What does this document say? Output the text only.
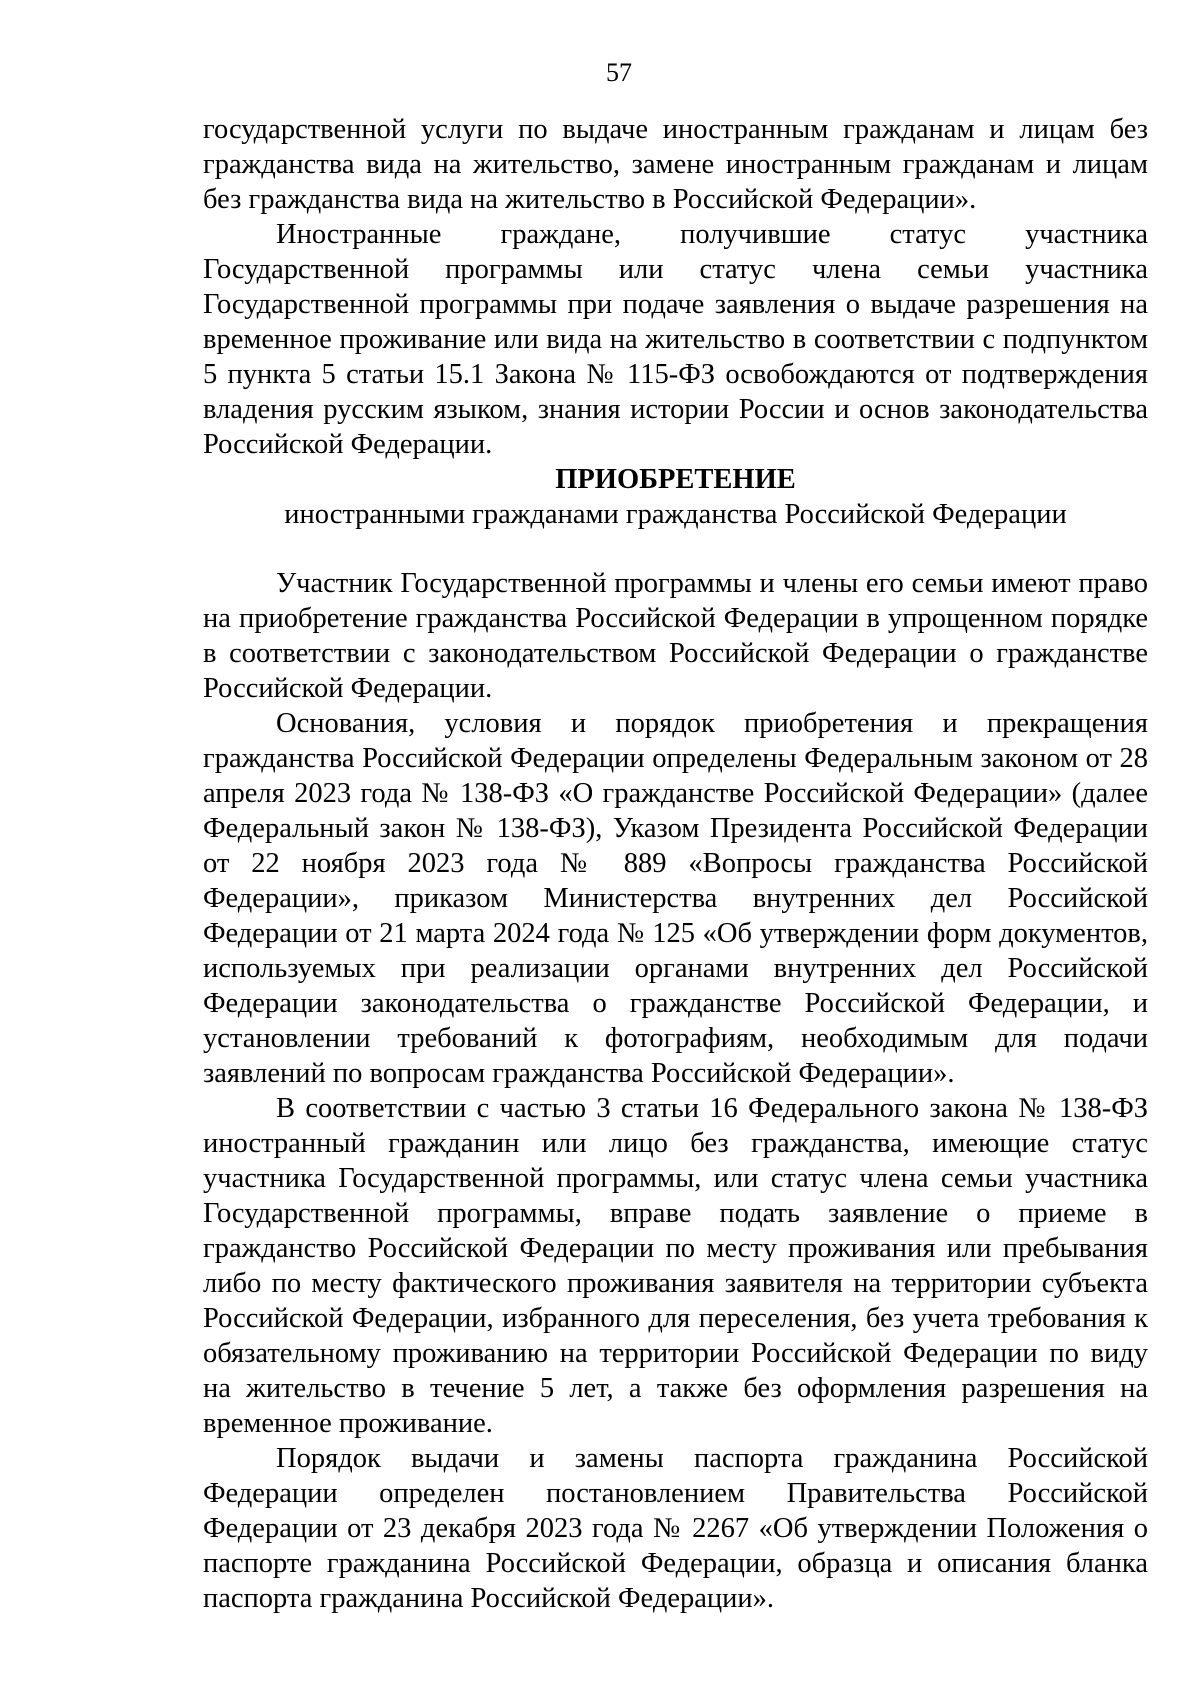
57

государственной услуги по выдаче иностранным гражданам и лицам без гражданства вида на жительство, замене иностранным гражданам и лицам без гражданства вида на жительство в Российской Федерации».

Иностранные граждане, получившие статус участника Государственной программы или статус члена семьи участника Государственной программы при подаче заявления о выдаче разрешения на временное проживание или вида на жительство в соответствии с подпунктом 5 пункта 5 статьи 15.1 Закона № 115-ФЗ освобождаются от подтверждения владения русским языком, знания истории России и основ законодательства Российской Федерации.

ПРИОБРЕТЕНИЕ

иностранными гражданами гражданства Российской Федерации

Участник Государственной программы и члены его семьи имеют право на приобретение гражданства Российской Федерации в упрощенном порядке в соответствии с законодательством Российской Федерации о гражданстве Российской Федерации.

Основания, условия и порядок приобретения и прекращения гражданства Российской Федерации определены Федеральным законом от 28 апреля 2023 года № 138-ФЗ «О гражданстве Российской Федерации» (далее Федеральный закон № 138-ФЗ), Указом Президента Российской Федерации от 22 ноября 2023 года № 889 «Вопросы гражданства Российской Федерации», приказом Министерства внутренних дел Российской Федерации от 21 марта 2024 года № 125 «Об утверждении форм документов, используемых при реализации органами внутренних дел Российской Федерации законодательства о гражданстве Российской Федерации, и установлении требований к фотографиям, необходимым для подачи заявлений по вопросам гражданства Российской Федерации».

В соответствии с частью 3 статьи 16 Федерального закона № 138-ФЗ иностранный гражданин или лицо без гражданства, имеющие статус участника Государственной программы, или статус члена семьи участника Государственной программы, вправе подать заявление о приеме в гражданство Российской Федерации по месту проживания или пребывания либо по месту фактического проживания заявителя на территории субъекта Российской Федерации, избранного для переселения, без учета требования к обязательному проживанию на территории Российской Федерации по виду на жительство в течение 5 лет, а также без оформления разрешения на временное проживание.

Порядок выдачи и замены паспорта гражданина Российской Федерации определен постановлением Правительства Российской Федерации от 23 декабря 2023 года № 2267 «Об утверждении Положения о паспорте гражданина Российской Федерации, образца и описания бланка паспорта гражданина Российской Федерации».
